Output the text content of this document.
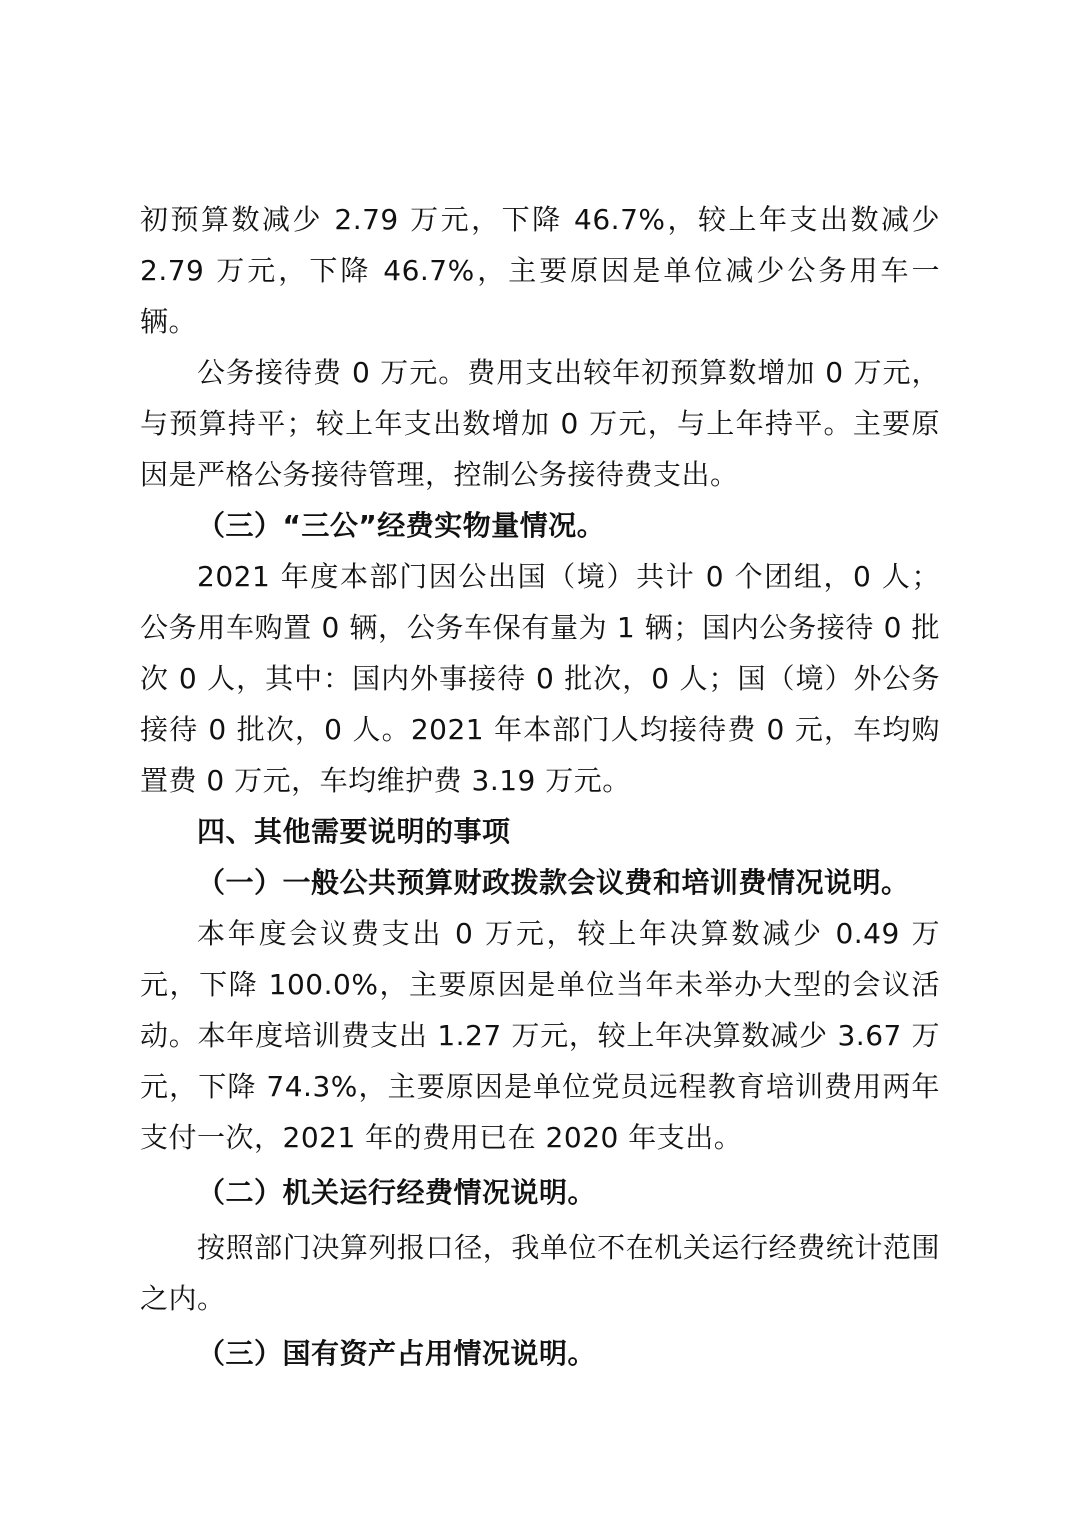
初预算数减少 2.79 万元，下降 46.7%，较上年支出数减少 2.79 万元，下降 46.7%，主要原因是单位减少公务用车一辆。

公务接待费 0 万元。费用支出较年初预算数增加 0 万元，与预算持平；较上年支出数增加 0 万元，与上年持平。主要原因是严格公务接待管理，控制公务接待费支出。

（三）“三公”经费实物量情况。

2021 年度本部门因公出国（境）共计 0 个团组，0 人；公务用车购置 0 辆，公务车保有量为 1 辆；国内公务接待 0 批次 0 人，其中：国内外事接待 0 批次，0 人；国（境）外公务接待 0 批次，0 人。2021 年本部门人均接待费 0 元，车均购置费 0 万元，车均维护费 3.19 万元。

四、其他需要说明的事项

（一）一般公共预算财政拨款会议费和培训费情况说明。

本年度会议费支出 0 万元，较上年决算数减少 0.49 万元，下降 100.0%，主要原因是单位当年未举办大型的会议活动。本年度培训费支出 1.27 万元，较上年决算数减少 3.67 万元，下降 74.3%，主要原因是单位党员远程教育培训费用两年支付一次，2021 年的费用已在 2020 年支出。

（二）机关运行经费情况说明。

按照部门决算列报口径，我单位不在机关运行经费统计范围之内。

（三）国有资产占用情况说明。
